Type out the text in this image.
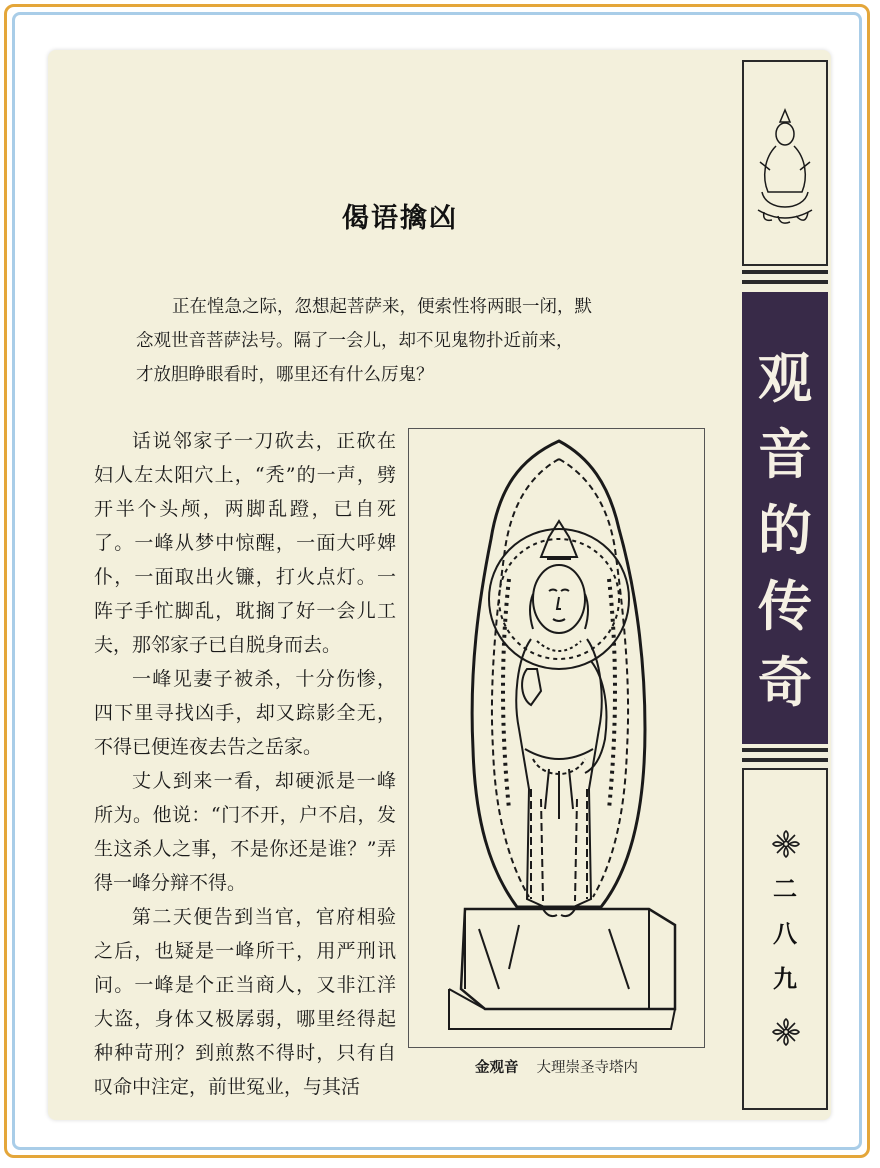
偈语擒凶
正在惶急之际，忽想起菩萨来，便索性将两眼一闭，默
念观世音菩萨法号。隔了一会儿，却不见鬼物扑近前来，
才放胆睁眼看时，哪里还有什么厉鬼？

话说邻家子一刀砍去，正砍在妇人左太阳穴上，“秃”的一声，劈开半个头颅，两脚乱蹬，已自死了。一峰从梦中惊醒，一面大呼婢仆，一面取出火镰，打火点灯。一阵子手忙脚乱，耽搁了好一会儿工夫，那邻家子已自脱身而去。

一峰见妻子被杀，十分伤惨，四下里寻找凶手，却又踪影全无，不得已便连夜去告之岳家。

丈人到来一看，却硬派是一峰所为。他说：“门不开，户不启，发生这杀人之事，不是你还是谁？”弄得一峰分辩不得。

第二天便告到当官，官府相验之后，也疑是一峰所干，用严刑讯问。一峰是个正当商人，又非江洋大盗，身体又极孱弱，哪里经得起种种苛刑？到煎熬不得时，只有自叹命中注定，前世冤业，与其活

金观音 大理崇圣寺塔内
观
音
的
传
奇
二
八
九
